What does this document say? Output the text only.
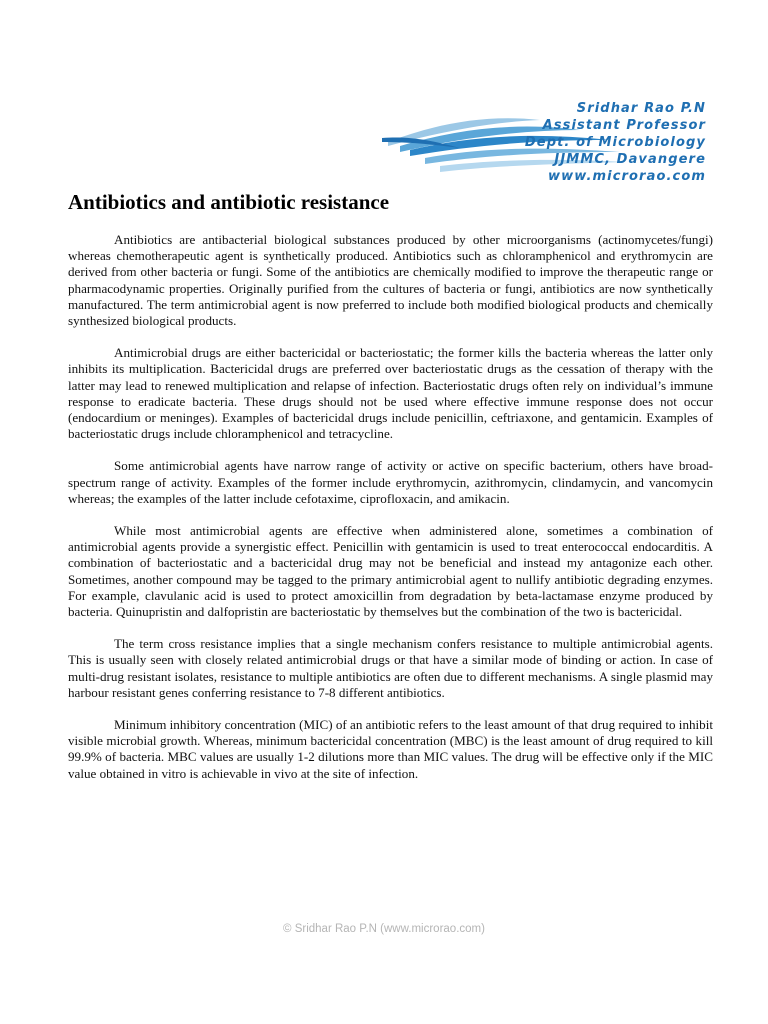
Sridhar Rao P.N
Assistant Professor
Dept. of Microbiology
JJMMC, Davangere
www.microrao.com
Antibiotics and antibiotic resistance

Antibiotics are antibacterial biological substances produced by other microorganisms (actinomycetes/fungi) whereas chemotherapeutic agent is synthetically produced. Antibiotics such as chloramphenicol and erythromycin are derived from other bacteria or fungi. Some of the antibiotics are chemically modified to improve the therapeutic range or pharmacodynamic properties. Originally purified from the cultures of bacteria or fungi, antibiotics are now synthetically manufactured. The term antimicrobial agent is now preferred to include both modified biological products and chemically synthesized biological products.

Antimicrobial drugs are either bactericidal or bacteriostatic; the former kills the bacteria whereas the latter only inhibits its multiplication. Bactericidal drugs are preferred over bacteriostatic drugs as the cessation of therapy with the latter may lead to renewed multiplication and relapse of infection. Bacteriostatic drugs often rely on individual’s immune response to eradicate bacteria. These drugs should not be used where effective immune response does not occur (endocardium or meninges). Examples of bactericidal drugs include penicillin, ceftriaxone, and gentamicin. Examples of bacteriostatic drugs include chloramphenicol and tetracycline.

Some antimicrobial agents have narrow range of activity or active on specific bacterium, others have broad-spectrum range of activity. Examples of the former include erythromycin, azithromycin, clindamycin, and vancomycin whereas; the examples of the latter include cefotaxime, ciprofloxacin, and amikacin.

While most antimicrobial agents are effective when administered alone, sometimes a combination of antimicrobial agents provide a synergistic effect. Penicillin with gentamicin is used to treat enterococcal endocarditis. A combination of bacteriostatic and a bactericidal drug may not be beneficial and instead my antagonize each other. Sometimes, another compound may be tagged to the primary antimicrobial agent to nullify antibiotic degrading enzymes. For example, clavulanic acid is used to protect amoxicillin from degradation by beta-lactamase enzyme produced by bacteria. Quinupristin and dalfopristin are bacteriostatic by themselves but the combination of the two is bactericidal.

The term cross resistance implies that a single mechanism confers resistance to multiple antimicrobial agents. This is usually seen with closely related antimicrobial drugs or that have a similar mode of binding or action. In case of multi-drug resistant isolates, resistance to multiple antibiotics are often due to different mechanisms. A single plasmid may harbour resistant genes conferring resistance to 7-8 different antibiotics.

Minimum inhibitory concentration (MIC) of an antibiotic refers to the least amount of that drug required to inhibit visible microbial growth. Whereas, minimum bactericidal concentration (MBC) is the least amount of drug required to kill 99.9% of bacteria. MBC values are usually 1-2 dilutions more than MIC values. The drug will be effective only if the MIC value obtained in vitro is achievable in vivo at the site of infection.

© Sridhar Rao P.N (www.microrao.com)
